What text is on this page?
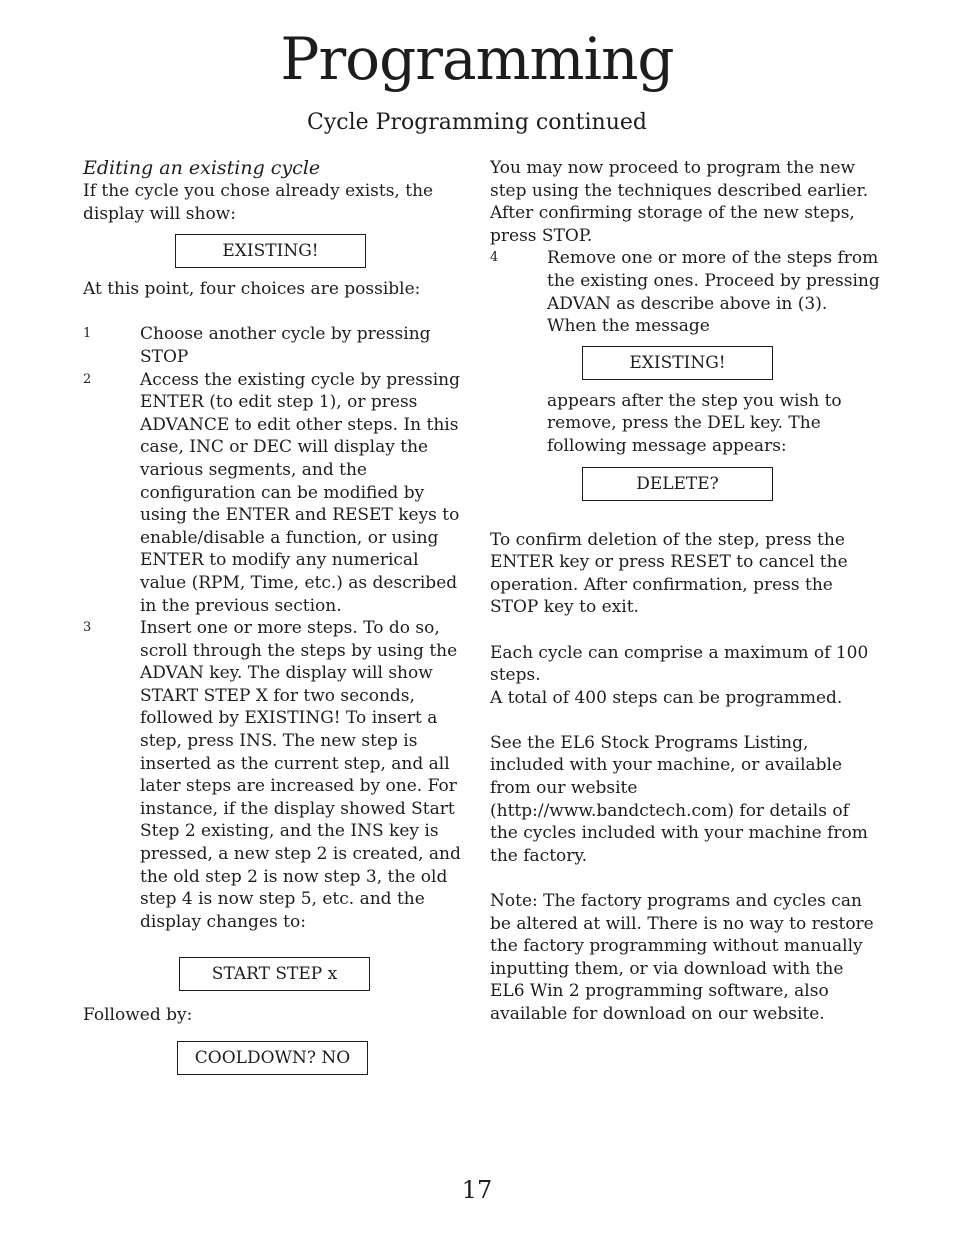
Programming
Cycle Programming continued

Editing an existing cycle

If the cycle you chose already exists, the display will show:

EXISTING!

At this point, four choices are possible:

1	Choose another cycle by pressing STOP
2	Access the existing cycle by pressing ENTER (to edit step 1), or press ADVANCE to edit other steps. In this case, INC or DEC will display the various segments, and the configuration can be modified by using the ENTER and RESET keys to enable/disable a function, or using ENTER to modify any numerical value (RPM, Time, etc.) as described in the previous section.
3	Insert one or more steps. To do so, scroll through the steps by using the ADVAN key. The display will show START STEP X for two seconds, followed by EXISTING! To insert a step, press INS. The new step is inserted as the current step, and all later steps are increased by one. For instance, if the display showed Start Step 2 existing, and the INS key is pressed, a new step 2 is created, and the old step 2 is now step 3, the old step 4 is now step 5, etc. and the display changes to:
START STEP x

Followed by:

COOLDOWN? NO

You may now proceed to program the new step using the techniques described earlier. After confirming storage of the new steps, press STOP.

4	Remove one or more of the steps from the existing ones. Proceed by pressing ADVAN as describe above in (3). When the message
EXISTING!

appears after the step you wish to remove, press the DEL key. The following message appears:

DELETE?

To confirm deletion of the step, press the ENTER key or press RESET to cancel the operation. After confirmation, press the STOP key to exit.

Each cycle can comprise a maximum of 100 steps.

A total of 400 steps can be programmed.

See the EL6 Stock Programs Listing, included with your machine, or available from our website (http://www.bandctech.com) for details of the cycles included with your machine from the factory.

Note: The factory programs and cycles can be altered at will. There is no way to restore the factory programming without manually inputting them, or via download with the EL6 Win 2 programming software, also available for download on our website.

17
